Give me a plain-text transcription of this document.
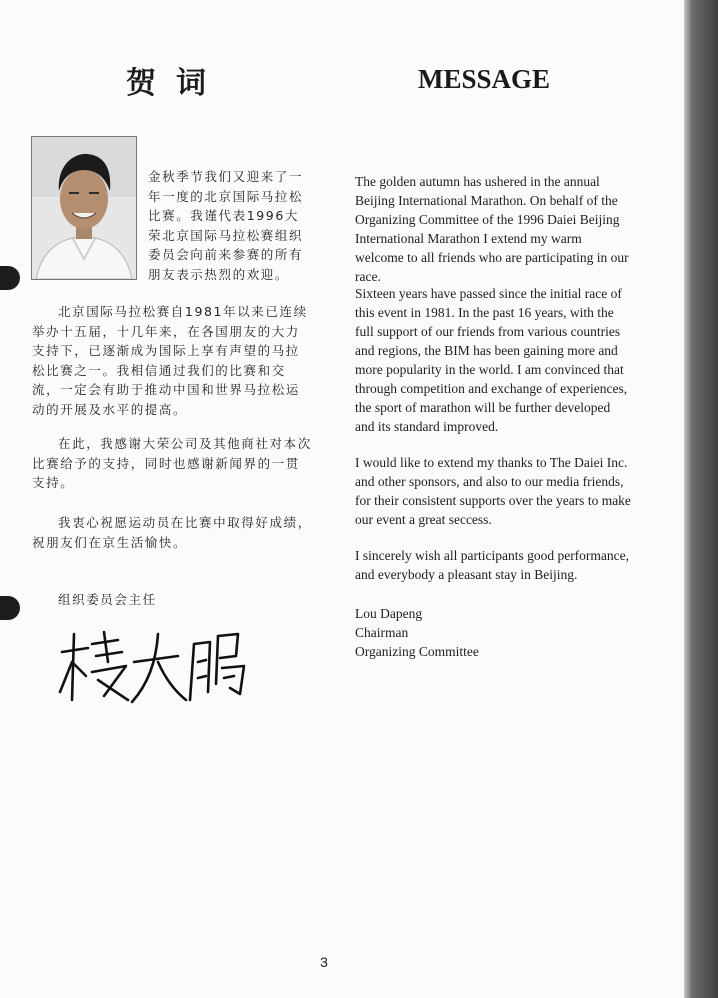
贺词	MESSAGE

金秋季节我们又迎来了一年一度的北京国际马拉松比赛。我谨代表1996大荣北京国际马拉松赛组织委员会向前来参赛的所有朋友表示热烈的欢迎。

北京国际马拉松赛自1981年以来已连续举办十五届，十几年来，在各国朋友的大力支持下，已逐渐成为国际上享有声望的马拉松比赛之一。我相信通过我们的比赛和交流，一定会有助于推动中国和世界马拉松运动的开展及水平的提高。

在此，我感谢大荣公司及其他商社对本次比赛给予的支持，同时也感谢新闻界的一贯支持。

我衷心祝愿运动员在比赛中取得好成绩，祝朋友们在京生活愉快。

组织委员会主任

The golden autumn has ushered in the annual Beijing International Marathon. On behalf of the Organizing Committee of the 1996 Daiei Beijing International Marathon I extend my warm welcome to all friends who are participating in our race.

Sixteen years have passed since the initial race of this event in 1981. In the past 16 years, with the full support of our friends from various countries and regions, the BIM has been gaining more and more popularity in the world. I am convinced that through competition and exchange of experiences, the sport of marathon will be further developed and its standard improved.

I would like to extend my thanks to The Daiei Inc. and other sponsors, and also to our media friends, for their consistent supports over the years to make our event a great seccess.

I sincerely wish all participants good performance, and everybody a pleasant stay in Beijing.

Lou Dapeng
Chairman
Organizing Committee
3
